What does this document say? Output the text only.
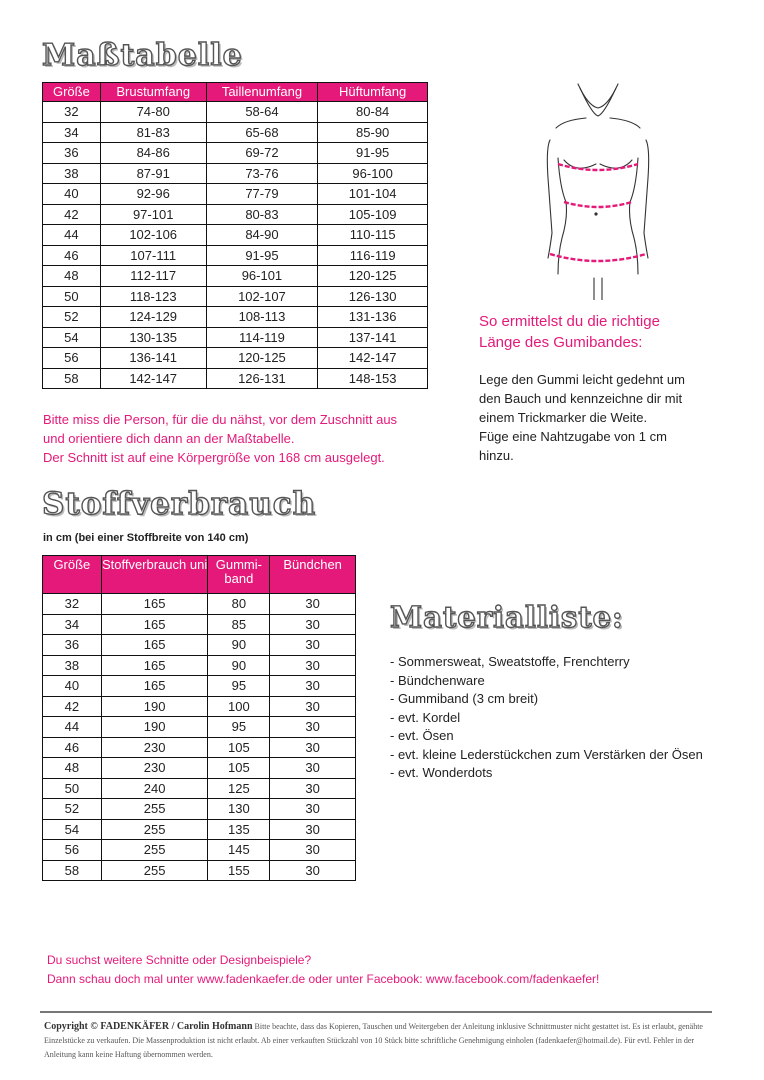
Maßtabelle
Größe	Brustumfang	Taillenumfang	Hüftumfang
32	74-80	58-64	80-84
34	81-83	65-68	85-90
36	84-86	69-72	91-95
38	87-91	73-76	96-100
40	92-96	77-79	101-104
42	97-101	80-83	105-109
44	102-106	84-90	110-115
46	107-111	91-95	116-119
48	112-117	96-101	120-125
50	118-123	102-107	126-130
52	124-129	108-113	131-136
54	130-135	114-119	137-141
56	136-141	120-125	142-147
58	142-147	126-131	148-153
Bitte miss die Person, für die du nähst, vor dem Zuschnitt aus
und orientiere dich dann an der Maßtabelle.
Der Schnitt ist auf eine Körpergröße von 168 cm ausgelegt.
So ermittelst du die richtige
Länge des Gumibandes:
Lege den Gummi leicht gedehnt um
den Bauch und kennzeichne dir mit
einem Trickmarker die Weite.
Füge eine Nahtzugabe von 1 cm
hinzu.
Stoffverbrauch
in cm (bei einer Stoffbreite von 140 cm)
Größe	Stoffverbrauch uni	Gummi- band	Bündchen
32	165	80	30
34	165	85	30
36	165	90	30
38	165	90	30
40	165	95	30
42	190	100	30
44	190	95	30
46	230	105	30
48	230	105	30
50	240	125	30
52	255	130	30
54	255	135	30
56	255	145	30
58	255	155	30
Materialliste:
- Sommersweat, Sweatstoffe, Frenchterry
- Bündchenware
- Gummiband (3 cm breit)
- evt. Kordel
- evt. Ösen
- evt. kleine Lederstückchen zum Verstärken der Ösen
- evt. Wonderdots
Du suchst weitere Schnitte oder Designbeispiele?
Dann schau doch mal unter www.fadenkaefer.de oder unter Facebook: www.facebook.com/fadenkaefer!
Copyright © FADENKÄFER / Carolin Hofmann Bitte beachte, dass das Kopieren, Tauschen und Weitergeben der Anleitung inklusive Schnittmuster nicht gestattet ist. Es ist erlaubt, genähte Einzelstücke zu verkaufen. Die Massenproduktion ist nicht erlaubt. Ab einer verkauften Stückzahl von 10 Stück bitte schriftliche Genehmigung einholen (fadenkaefer@hotmail.de). Für evtl. Fehler in der Anleitung kann keine Haftung übernommen werden.
